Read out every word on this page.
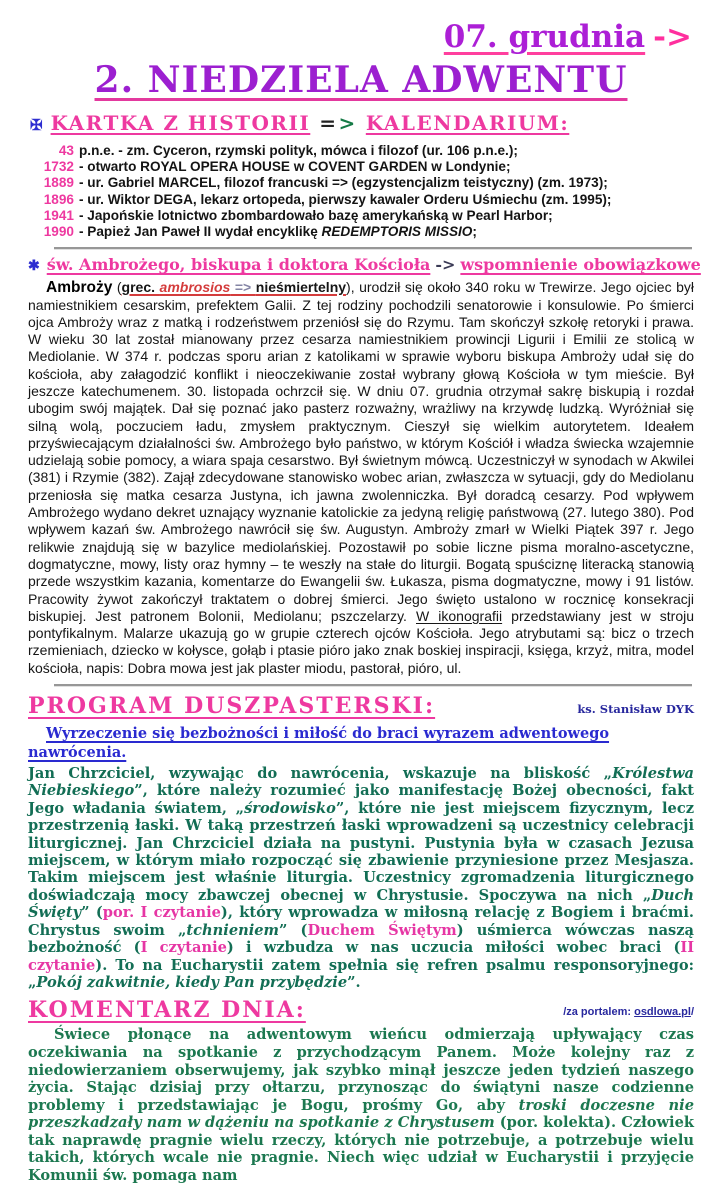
07. grudnia ->
2. NIEDZIELA ADWENTU
✠ KARTKA Z HISTORII => KALENDARIUM:
43 p.n.e. - zm. Cyceron, rzymski polityk, mówca i filozof (ur. 106 p.n.e.);
1732 - otwarto ROYAL OPERA HOUSE w COVENT GARDEN w Londynie;
1889 - ur. Gabriel MARCEL, filozof francuski => (egzystencjalizm teistyczny) (zm. 1973);
1896 - ur. Wiktor DEGA, lekarz ortopeda, pierwszy kawaler Orderu Uśmiechu (zm. 1995);
1941 - Japońskie lotnictwo zbombardowało bazę amerykańską w Pearl Harbor;
1990 - Papież Jan Paweł II wydał encyklikę REDEMPTORIS MISSIO;
✱ św. Ambrożego, biskupa i doktora Kościoła -> wspomnienie obowiązkowe

Ambroży (grec. ambrosios => nieśmiertelny), urodził się około 340 roku w Trewirze. Jego ojciec był namiestnikiem cesarskim, prefektem Galii. Z tej rodziny pochodzili senatorowie i konsulowie. Po śmierci ojca Ambroży wraz z matką i rodzeństwem przeniósł się do Rzymu. Tam skończył szkołę retoryki i prawa. W wieku 30 lat został mianowany przez cesarza namiestnikiem prowincji Ligurii i Emilii ze stolicą w Mediolanie. W 374 r. podczas sporu arian z katolikami w sprawie wyboru biskupa Ambroży udał się do kościoła, aby załagodzić konflikt i nieoczekiwanie został wybrany głową Kościoła w tym mieście. Był jeszcze katechumenem. 30. listopada ochrzcił się. W dniu 07. grudnia otrzymał sakrę biskupią i rozdał ubogim swój majątek. Dał się poznać jako pasterz rozważny, wrażliwy na krzywdę ludzką. Wyróżniał się silną wolą, poczuciem ładu, zmysłem praktycznym. Cieszył się wielkim autorytetem. Ideałem przyświecającym działalności św. Ambrożego było państwo, w którym Kościół i władza świecka wzajemnie udzielają sobie pomocy, a wiara spaja cesarstwo. Był świetnym mówcą. Uczestniczył w synodach w Akwilei (381) i Rzymie (382). Zajął zdecydowane stanowisko wobec arian, zwłaszcza w sytuacji, gdy do Mediolanu przeniosła się matka cesarza Justyna, ich jawna zwolenniczka. Był doradcą cesarzy. Pod wpływem Ambrożego wydano dekret uznający wyznanie katolickie za jedyną religię państwową (27. lutego 380). Pod wpływem kazań św. Ambrożego nawrócił się św. Augustyn. Ambroży zmarł w Wielki Piątek 397 r. Jego relikwie znajdują się w bazylice mediolańskiej. Pozostawił po sobie liczne pisma moralno-ascetyczne, dogmatyczne, mowy, listy oraz hymny – te weszły na stałe do liturgii. Bogatą spuściznę literacką stanowią przede wszystkim kazania, komentarze do Ewangelii św. Łukasza, pisma dogmatyczne, mowy i 91 listów. Pracowity żywot zakończył traktatem o dobrej śmierci. Jego święto ustalono w rocznicę konsekracji biskupiej. Jest patronem Bolonii, Mediolanu; pszczelarzy. W ikonografii przedstawiany jest w stroju pontyfikalnym. Malarze ukazują go w grupie czterech ojców Kościoła. Jego atrybutami są: bicz o trzech rzemieniach, dziecko w kołysce, gołąb i ptasie pióro jako znak boskiej inspiracji, księga, krzyż, mitra, model kościoła, napis: Dobra mowa jest jak plaster miodu, pastorał, pióro, ul.

PROGRAM DUSZPASTERSKI:	ks. Stanisław DYK
Wyrzeczenie się bezbożności i miłość do braci wyrazem adwentowego nawrócenia.

Jan Chrzciciel, wzywając do nawrócenia, wskazuje na bliskość „Królestwa Niebieskiego”, które należy rozumieć jako manifestację Bożej obecności, fakt Jego władania światem, „środowisko”, które nie jest miejscem fizycznym, lecz przestrzenią łaski. W taką przestrzeń łaski wprowadzeni są uczestnicy celebracji liturgicznej. Jan Chrzciciel działa na pustyni. Pustynia była w czasach Jezusa miejscem, w którym miało rozpocząć się zbawienie przyniesione przez Mesjasza. Takim miejscem jest właśnie liturgia. Uczestnicy zgromadzenia liturgicznego doświadczają mocy zbawczej obecnej w Chrystusie. Spoczywa na nich „Duch Święty” (por. I czytanie), który wprowadza w miłosną relację z Bogiem i braćmi. Chrystus swoim „tchnieniem” (Duchem Świętym) uśmierca wówczas naszą bezbożność (I czytanie) i wzbudza w nas uczucia miłości wobec braci (II czytanie). To na Eucharystii zatem spełnia się refren psalmu responsoryjnego: „Pokój zakwitnie, kiedy Pan przybędzie”.

KOMENTARZ DNIA:	/za portalem: osdlowa.pl/

Świece płonące na adwentowym wieńcu odmierzają upływający czas oczekiwania na spotkanie z przychodzącym Panem. Może kolejny raz z niedowierzaniem obserwujemy, jak szybko minął jeszcze jeden tydzień naszego życia. Stając dzisiaj przy ołtarzu, przynosząc do świątyni nasze codzienne problemy i przedstawiając je Bogu, prośmy Go, aby troski doczesne nie przeszkadzały nam w dążeniu na spotkanie z Chrystusem (por. kolekta). Człowiek tak naprawdę pragnie wielu rzeczy, których nie potrzebuje, a potrzebuje wielu takich, których wcale nie pragnie. Niech więc udział w Eucharystii i przyjęcie Komunii św. pomaga nam
